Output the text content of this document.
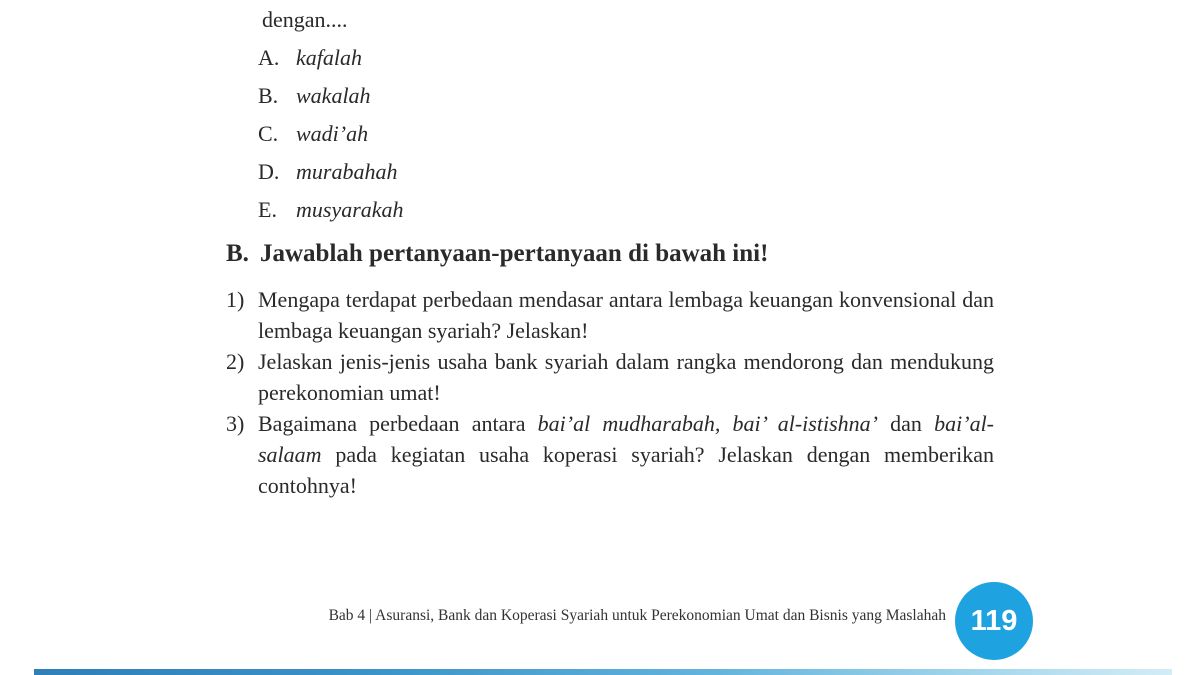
dengan....
A. kafalah
B. wakalah
C. wadi’ah
D. murabahah
E. musyarakah
B. Jawablah pertanyaan-pertanyaan di bawah ini!
1) Mengapa terdapat perbedaan mendasar antara lembaga keuangan konvensional dan lembaga keuangan syariah? Jelaskan!
2) Jelaskan jenis-jenis usaha bank syariah dalam rangka mendorong dan mendukung perekonomian umat!
3) Bagaimana perbedaan antara bai’al mudharabah, bai’ al-istishna’ dan bai’al-salaam pada kegiatan usaha koperasi syariah? Jelaskan dengan memberikan contohnya!
Bab 4 | Asuransi, Bank dan Koperasi Syariah untuk Perekonomian Umat dan Bisnis yang Maslahah 119
